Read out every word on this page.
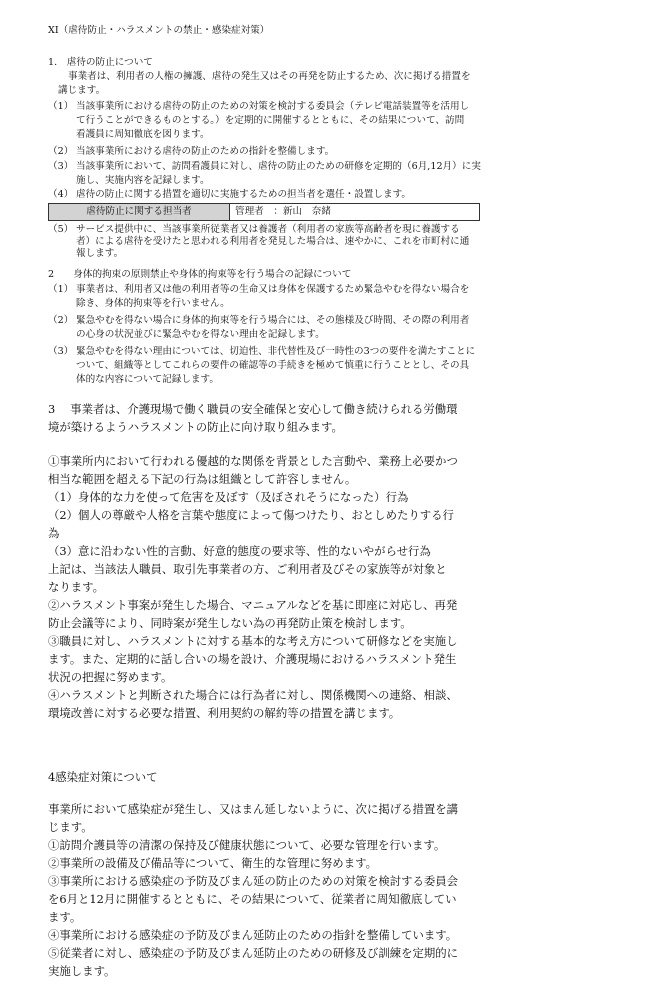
XI（虐待防止・ハラスメントの禁止・感染症対策）
1.　虐待の防止について
事業者は、利用者の人権の擁護、虐待の発生又はその再発を防止するため、次に掲げる措置を
講じます。
（1） 当該事業所における虐待の防止のための対策を検討する委員会（テレビ電話装置等を活用し
て行うことができるものとする。）を定期的に開催するとともに、その結果について、訪問
看護員に周知徹底を図ります。
（2） 当該事業所における虐待の防止のための指針を整備します。
（3） 当該事業所において、訪問看護員に対し、虐待の防止のための研修を定期的（6月,12月）に実
施し、実施内容を記録します。
（4） 虐待の防止に関する措置を適切に実施するための担当者を選任・設置します。
虐待防止に関する担当者	管理者　：新山　奈緒
（5） サービス提供中に、当該事業所従業者又は養護者（利用者の家族等高齢者を現に養護する
者）による虐待を受けたと思われる利用者を発見した場合は、速やかに、これを市町村に通
報します。
2　　身体的拘束の原則禁止や身体的拘束等を行う場合の記録について
（1） 事業者は、利用者又は他の利用者等の生命又は身体を保護するため緊急やむを得ない場合を
除き、身体的拘束等を行いません。
（2） 緊急やむを得ない場合に身体的拘束等を行う場合には、その態様及び時間、その際の利用者
の心身の状況並びに緊急やむを得ない理由を記録します。
（3） 緊急やむを得ない理由については、切迫性、非代替性及び一時性の3つの要件を満たすことに
ついて、組織等としてこれらの要件の確認等の手続きを極めて慎重に行うこととし、その具
体的な内容について記録します。
3　 事業者は、介護現場で働く職員の安全確保と安心して働き続けられる労働環
境が築けるようハラスメントの防止に向け取り組みます。
①事業所内において行われる優越的な関係を背景とした言動や、業務上必要かつ
相当な範囲を超える下記の行為は組織として許容しません。
（1）身体的な力を使って危害を及ぼす（及ぼされそうになった）行為
（2）個人の尊厳や人格を言葉や態度によって傷つけたり、おとしめたりする行
為
（3）意に沿わない性的言動、好意的態度の要求等、性的ないやがらせ行為
上記は、当該法人職員、取引先事業者の方、ご利用者及びその家族等が対象と
なります。
②ハラスメント事案が発生した場合、マニュアルなどを基に即座に対応し、再発
防止会議等により、同時案が発生しない為の再発防止策を検討します。
③職員に対し、ハラスメントに対する基本的な考え方について研修などを実施し
ます。また、定期的に話し合いの場を設け、介護現場におけるハラスメント発生
状況の把握に努めます。
④ハラスメントと判断された場合には行為者に対し、関係機関への連絡、相談、
環境改善に対する必要な措置、利用契約の解約等の措置を講じます。
4感染症対策について
事業所において感染症が発生し、又はまん延しないように、次に掲げる措置を講
じます。
①訪問介護員等の清潔の保持及び健康状態について、必要な管理を行います。
②事業所の設備及び備品等について、衛生的な管理に努めます。
③事業所における感染症の予防及びまん延の防止のための対策を検討する委員会
を6月と12月に開催するとともに、その結果について、従業者に周知徹底してい
ます。
④事業所における感染症の予防及びまん延防止のための指針を整備しています。
⑤従業者に対し、感染症の予防及びまん延防止のための研修及び訓練を定期的に
実施します。
